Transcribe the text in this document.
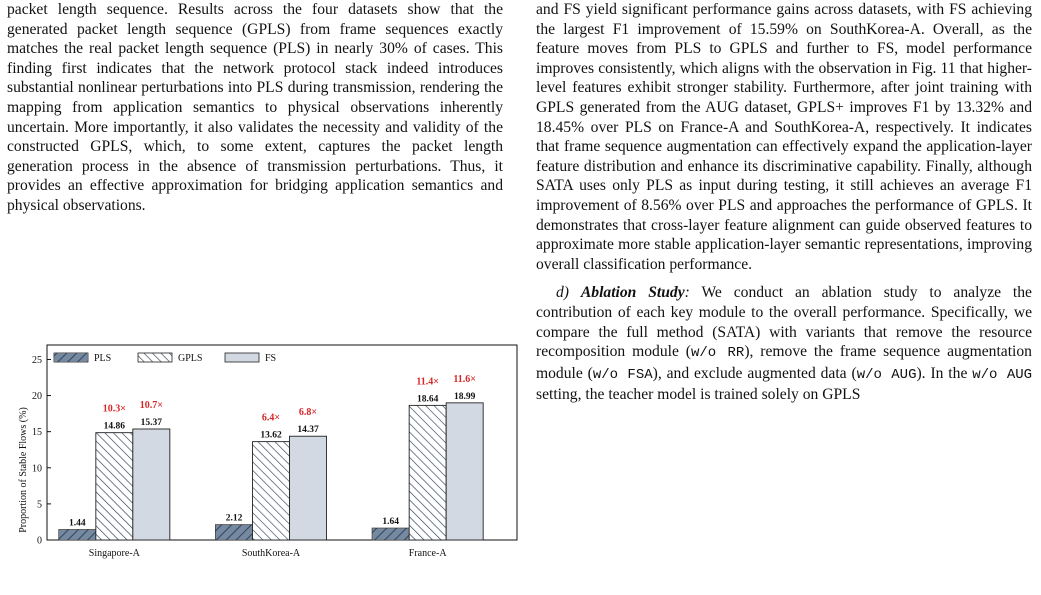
packet length sequence. Results across the four datasets show that the generated packet length sequence (GPLS) from frame sequences exactly matches the real packet length sequence (PLS) in nearly 30% of cases. This finding first indicates that the network protocol stack indeed introduces substantial nonlinear perturbations into PLS during transmission, rendering the mapping from application semantics to physical observations inherently uncertain. More importantly, it also validates the necessity and validity of the constructed GPLS, which, to some extent, captures the packet length generation process in the absence of transmission perturbations. Thus, it provides an effective approximation for bridging application semantics and physical observations.

0
5
10
15
20
25
Singapore-A	SouthKorea-A	France-A
1.44
14.86
10.3×
15.37
10.7×
2.12
13.62
6.4×
14.37
6.8×
1.64
18.64
11.4×
18.99
11.6×
PLS	GPLS	FS
Proportion of Stable Flows (%)

and FS yield significant performance gains across datasets, with FS achieving the largest F1 improvement of 15.59% on SouthKorea-A. Overall, as the feature moves from PLS to GPLS and further to FS, model performance improves consistently, which aligns with the observation in Fig. 11 that higher-level features exhibit stronger stability. Furthermore, after joint training with GPLS generated from the AUG dataset, GPLS+ improves F1 by 13.32% and 18.45% over PLS on France-A and SouthKorea-A, respectively. It indicates that frame sequence augmentation can effectively expand the application-layer feature distribution and enhance its discriminative capability. Finally, although SATA uses only PLS as input during testing, it still achieves an average F1 improvement of 8.56% over PLS and approaches the performance of GPLS. It demonstrates that cross-layer feature alignment can guide observed features to approximate more stable application-layer semantic representations, improving overall classification performance.

d) Ablation Study: We conduct an ablation study to analyze the contribution of each key module to the overall performance. Specifically, we compare the full method (SATA) with variants that remove the resource recomposition module (w/o RR), remove the frame sequence augmentation module (w/o FSA), and exclude augmented data (w/o AUG). In the w/o AUG setting, the teacher model is trained solely on GPLS
